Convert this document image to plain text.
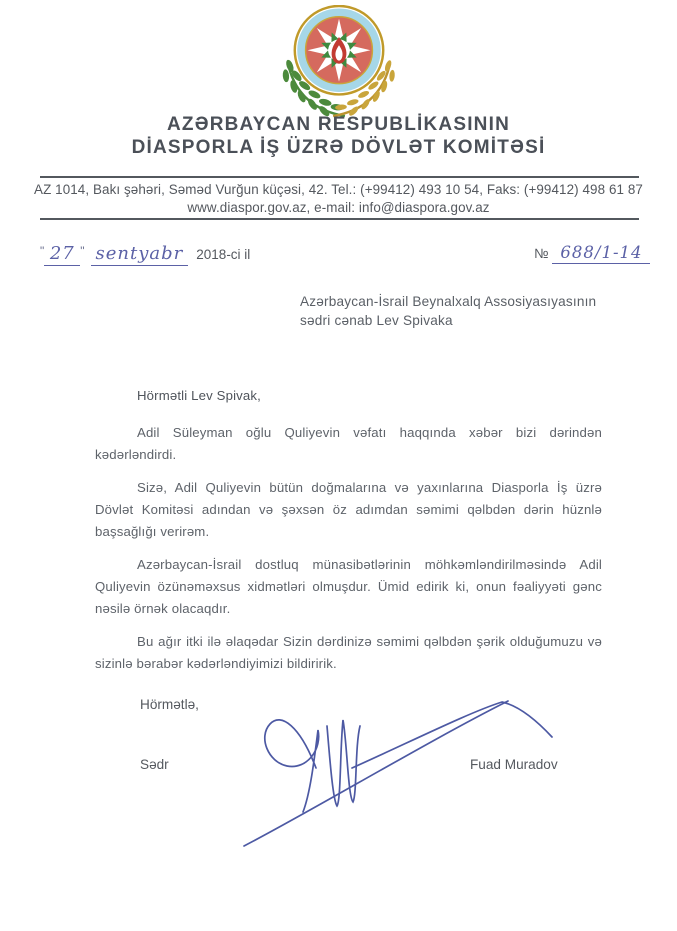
AZƏRBAYCAN RESPUBLİKASININ
DİASPORLA İŞ ÜZRƏ DÖVLƏT KOMİTƏSİ
AZ 1014, Bakı şəhəri, Səməd Vurğun küçəsi, 42. Tel.: (+99412) 493 10 54, Faks: (+99412) 498 61 87
www.diaspor.gov.az, e-mail: info@diaspora.gov.az
" 27 " sentyabr 2018-ci il	№ 688/1-14
Azərbaycan-İsrail Beynalxalq Assosiyasıyasının
sədri cənab Lev Spivaka

Hörmətli Lev Spivak,

Adil Süleyman oğlu Quliyevin vəfatı haqqında xəbər bizi dərindən kədərləndirdi.

Sizə, Adil Quliyevin bütün doğmalarına və yaxınlarına Diasporla İş üzrə Dövlət Komitəsi adından və şəxsən öz adımdan səmimi qəlbdən dərin hüznlə başsağlığı verirəm.

Azərbaycan-İsrail dostluq münasibətlərinin möhkəmləndirilməsində Adil Quliyevin özünəməxsus xidmətləri olmuşdur. Ümid edirik ki, onun fəaliyyəti gənc nəsilə örnək olacaqdır.

Bu ağır itki ilə əlaqədar Sizin dərdinizə səmimi qəlbdən şərik olduğumuzu və sizinlə bərabər kədərləndiyimizi bildiririk.

Hörmətlə,
Sədr	Fuad Muradov
